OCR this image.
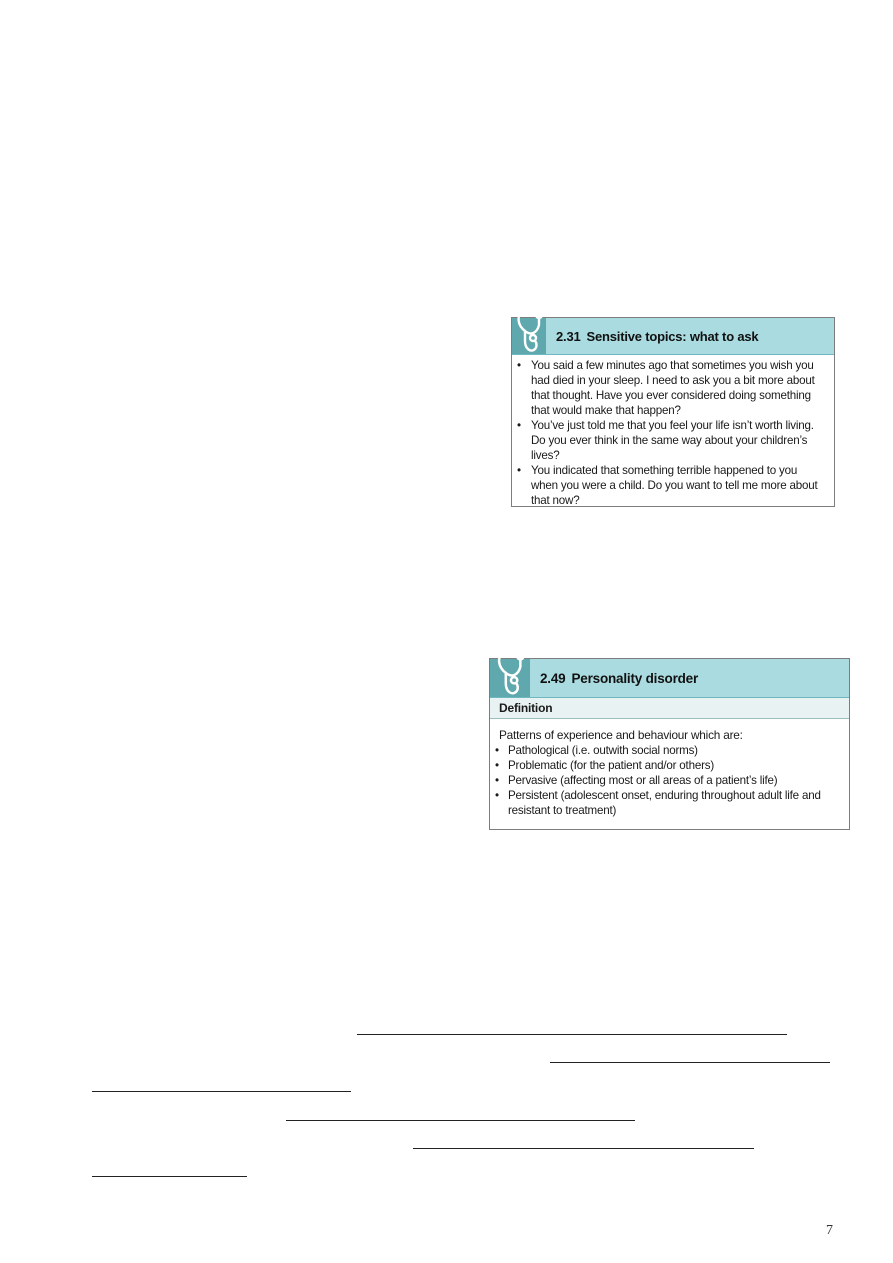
2.31 Sensitive topics: what to ask
• You said a few minutes ago that sometimes you wish you had died in your sleep. I need to ask you a bit more about that thought. Have you ever considered doing something that would make that happen?
• You’ve just told me that you feel your life isn’t worth living. Do you ever think in the same way about your children’s lives?
• You indicated that something terrible happened to you when you were a child. Do you want to tell me more about that now?
2.49 Personality disorder
Definition
Patterns of experience and behaviour which are:
• Pathological (i.e. outwith social norms)
• Problematic (for the patient and/or others)
• Pervasive (affecting most or all areas of a patient’s life)
• Persistent (adolescent onset, enduring throughout adult life and resistant to treatment)
7
